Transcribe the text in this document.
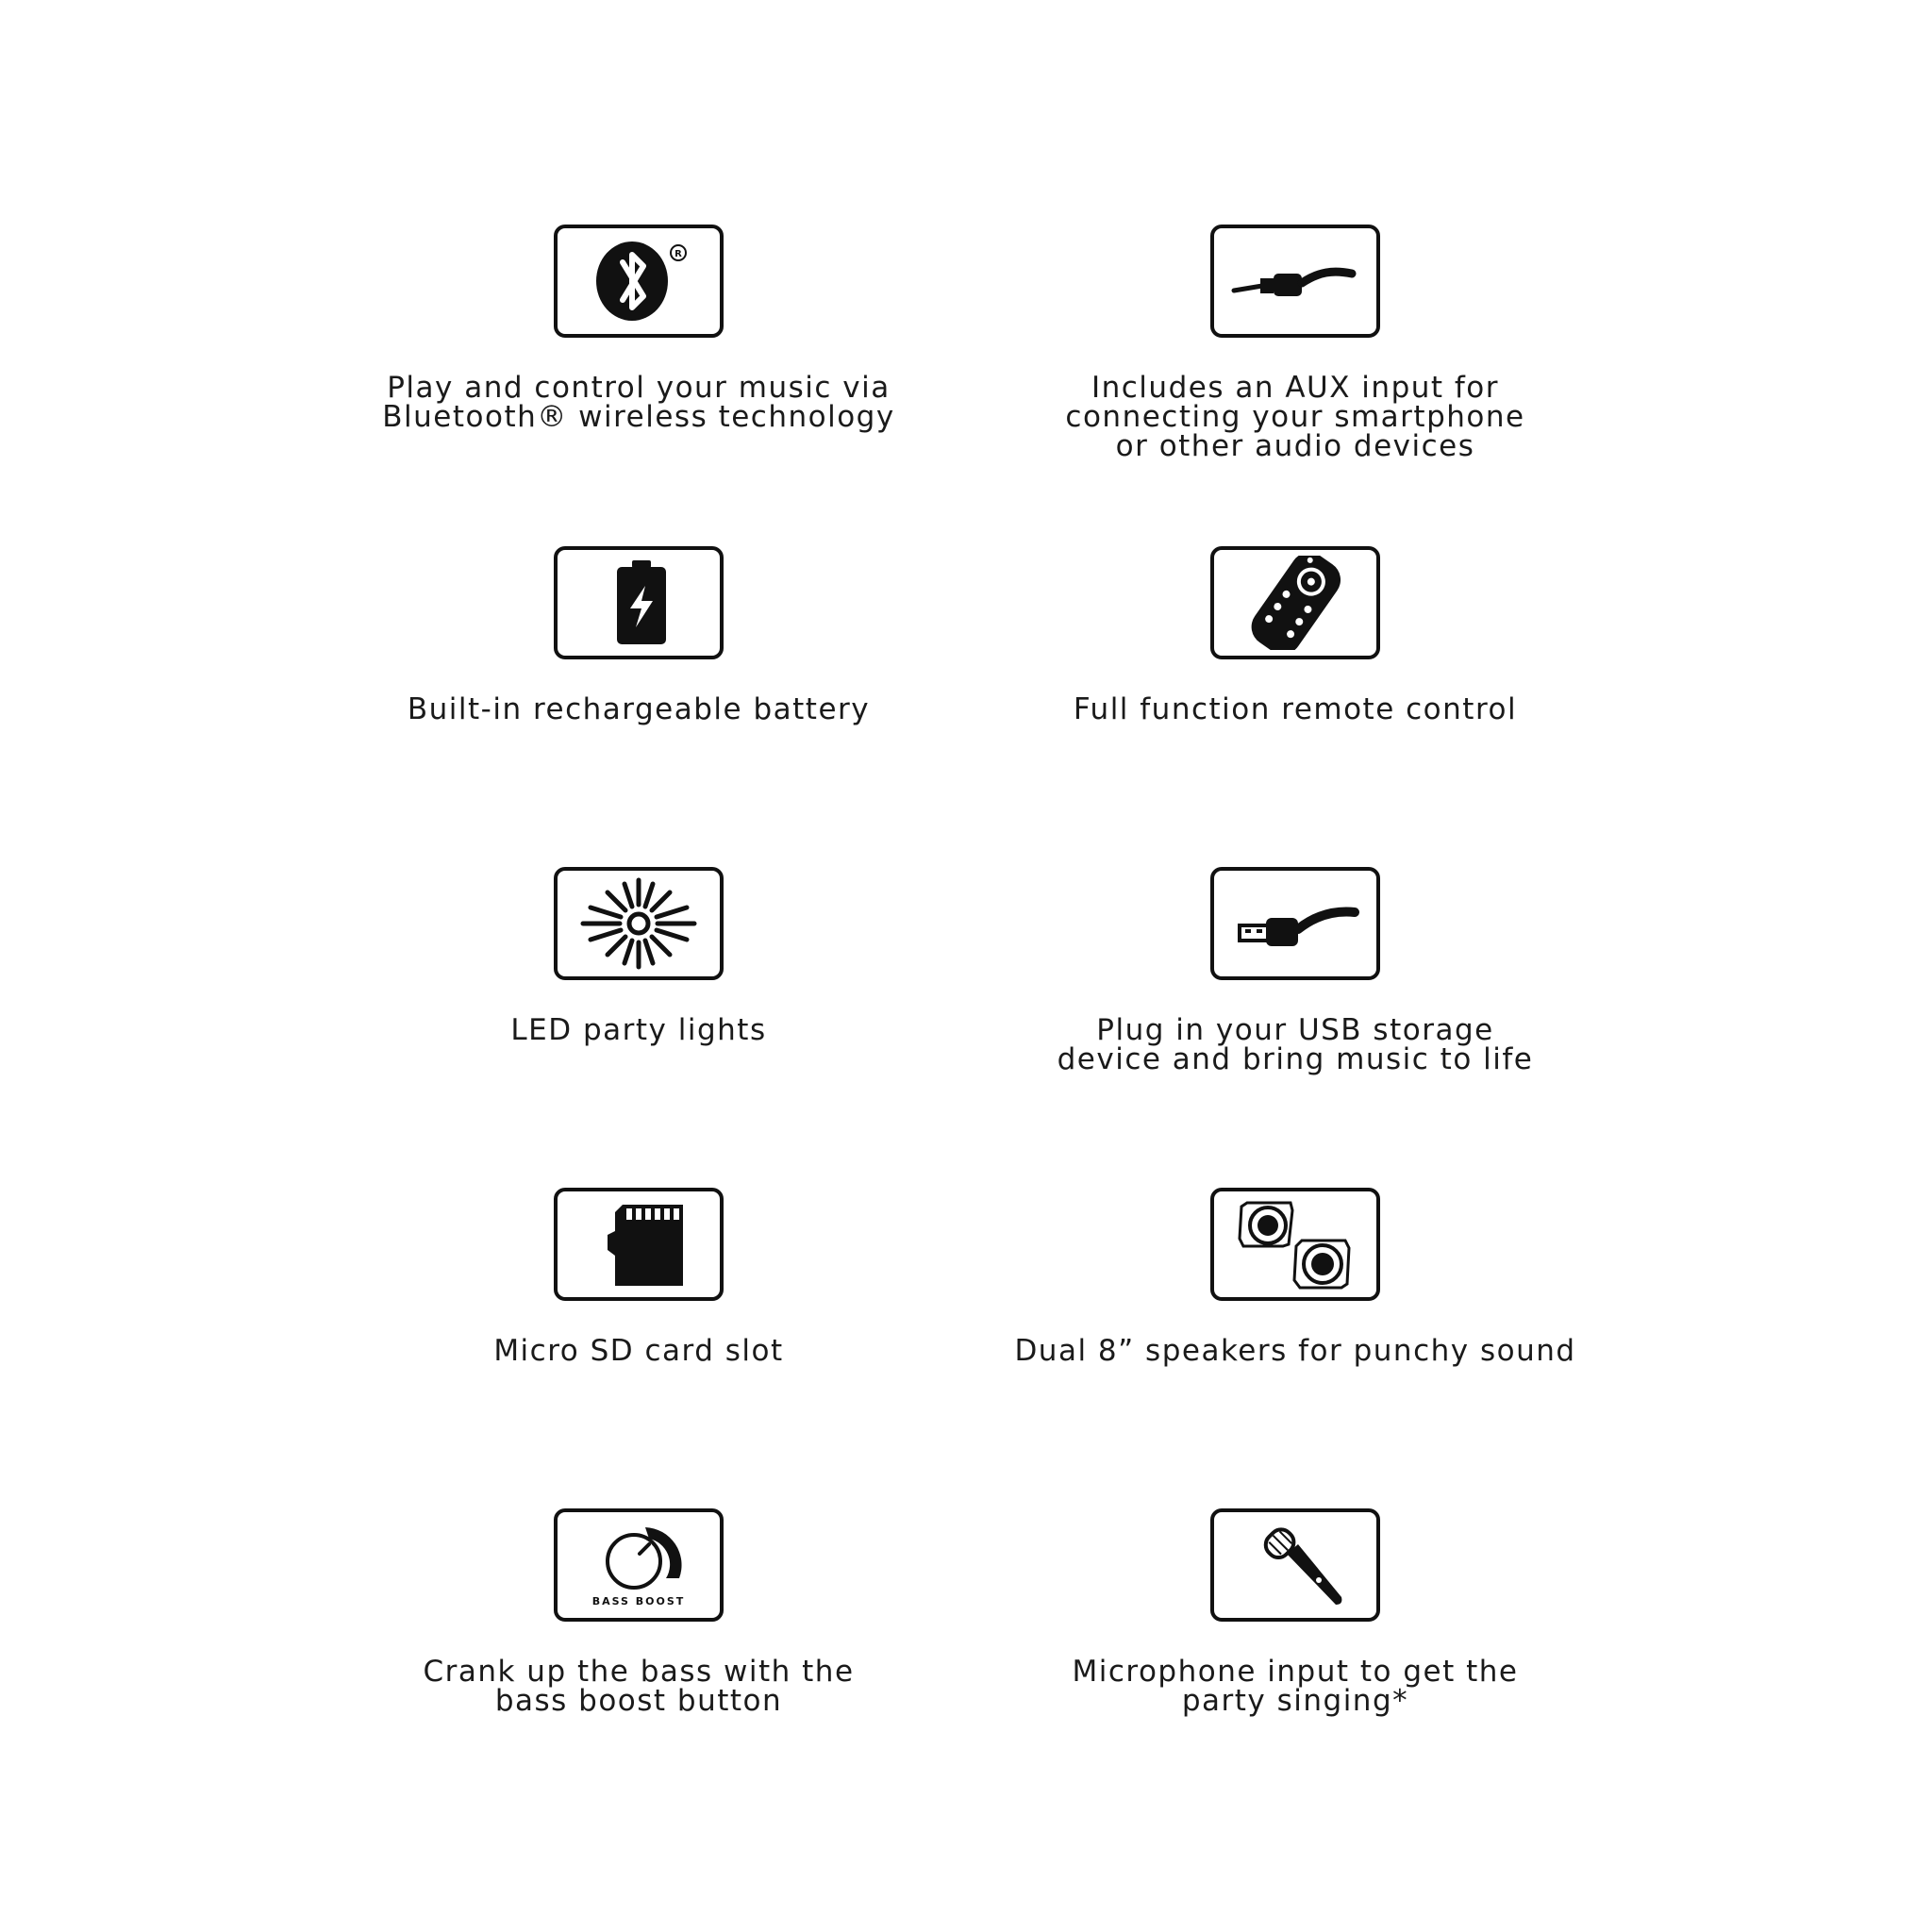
R
Play and control your music via
Bluetooth® wireless technology
Includes an AUX input for
connecting your smartphone
or other audio devices
Built-in rechargeable battery	Full function remote control
LED party lights	Plug in your USB storage
device and bring music to life
Micro SD card slot	Dual 8” speakers for punchy sound
BASS BOOST
Crank up the bass with the
bass boost button
Microphone input to get the
party singing*
